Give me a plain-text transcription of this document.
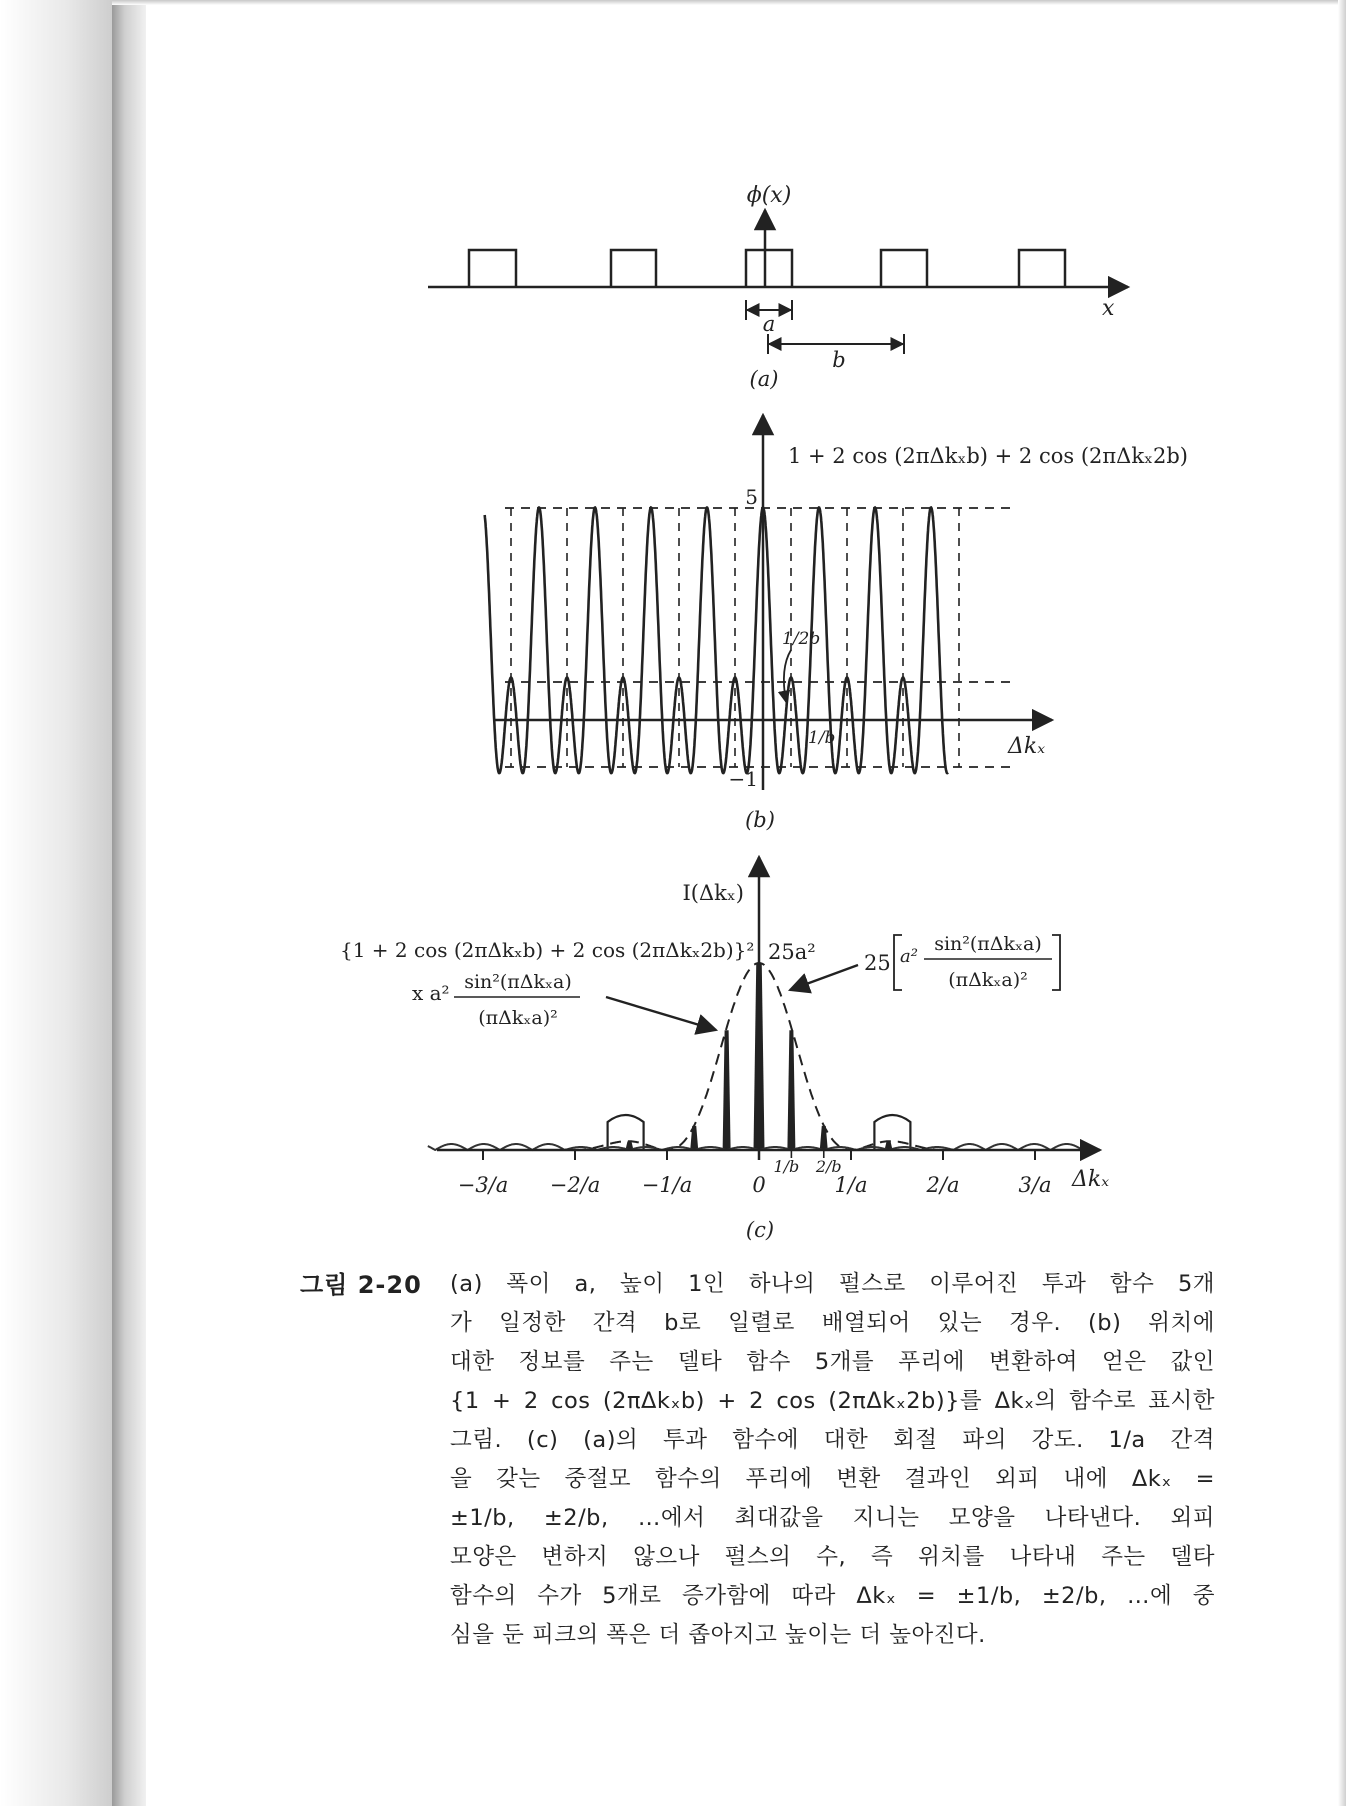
ϕ(x)
x
a
b
(a)
1 + 2 cos (2πΔkₓb) + 2 cos (2πΔkₓ2b)
5
−1
1/2b
1/b	Δkₓ
(b)
I(Δkₓ)
25a²
{1 + 2 cos (2πΔkₓb) + 2 cos (2πΔkₓ2b)}²
x a² sin²(πΔkₓa)
(πΔkₓa)²
25 a²
sin²(πΔkₓa)
(πΔkₓa)²
Δkₓ
−3/a −2/a −1/a	0	1/a	2/a	3/a
1/b 2/b
(c)
그림 2-20 (a) 폭이 a, 높이 1인 하나의 펄스로 이루어진 투과 함수 5개
가 일정한 간격 b로 일렬로 배열되어 있는 경우. (b) 위치에
대한 정보를 주는 델타 함수 5개를 푸리에 변환하여 얻은 값인
{1 + 2 cos (2πΔkₓb) + 2 cos (2πΔkₓ2b)}를 Δkₓ의 함수로 표시한
그림. (c) (a)의 투과 함수에 대한 회절 파의 강도. 1/a 간격
을 갖는 중절모 함수의 푸리에 변환 결과인 외피 내에 Δkₓ =
±1/b, ±2/b, …에서 최대값을 지니는 모양을 나타낸다. 외피
모양은 변하지 않으나 펄스의 수, 즉 위치를 나타내 주는 델타
함수의 수가 5개로 증가함에 따라 Δkₓ = ±1/b, ±2/b, …에 중
심을 둔 피크의 폭은 더 좁아지고 높이는 더 높아진다.
